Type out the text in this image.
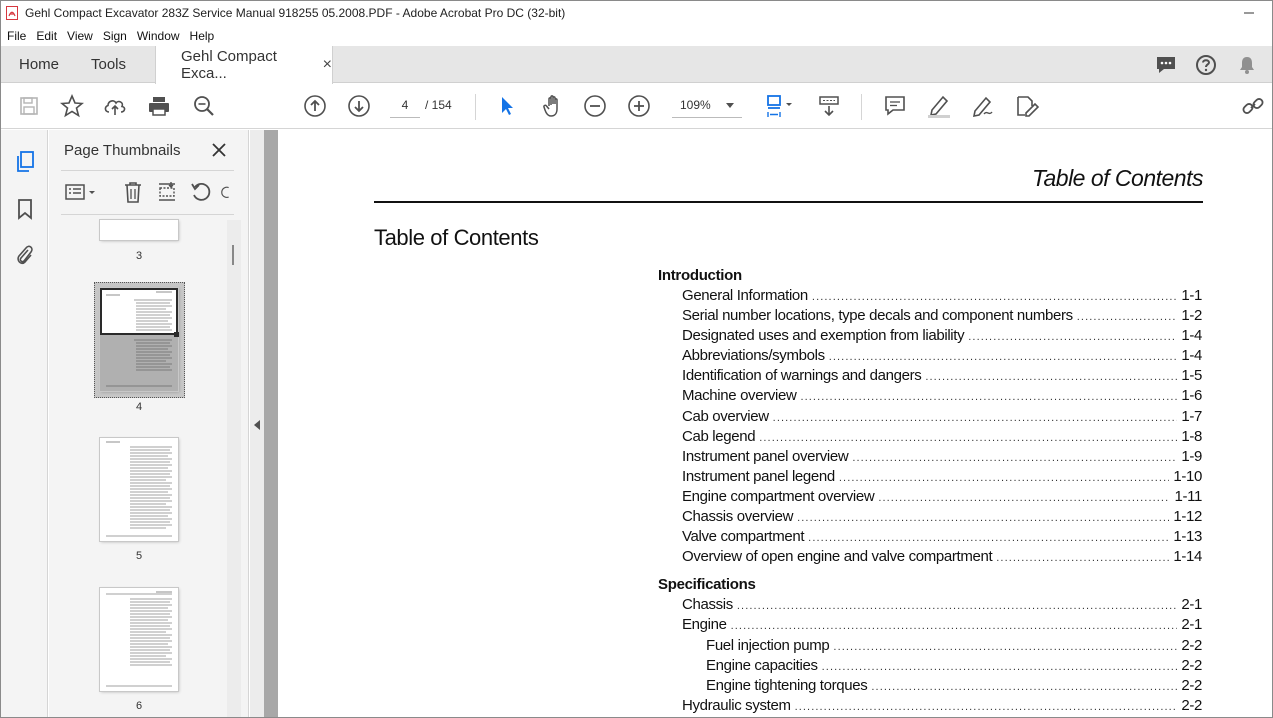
Gehl Compact Excavator 283Z Service Manual 918255 05.2008.PDF - Adobe Acrobat Pro DC (32-bit)
File Edit View Sign Window Help
Home Tools	Gehl Compact Exca...
×
4	/ 154	109%
Page Thumbnails
3
4
5
6
Table of Contents
Table of Contents
Introduction
General Information .....	1-1
Serial number locations, type decals and component numbers .....	1-2
Designated uses and exemption from liability .....	1-4
Abbreviations/symbols .....	1-4
Identification of warnings and dangers .....	1-5
Machine overview .....	1-6
Cab overview .....	1-7
Cab legend .....	1-8
Instrument panel overview .....	1-9
Instrument panel legend .....	1-10
Engine compartment overview .....	1-11
Chassis overview .....	1-12
Valve compartment .....	1-13
Overview of open engine and valve compartment .....	1-14
Specifications
Chassis .....	2-1
Engine .....	2-1
Fuel injection pump .....	2-2
Engine capacities .....	2-2
Engine tightening torques .....	2-2
Hydraulic system .....	2-2
